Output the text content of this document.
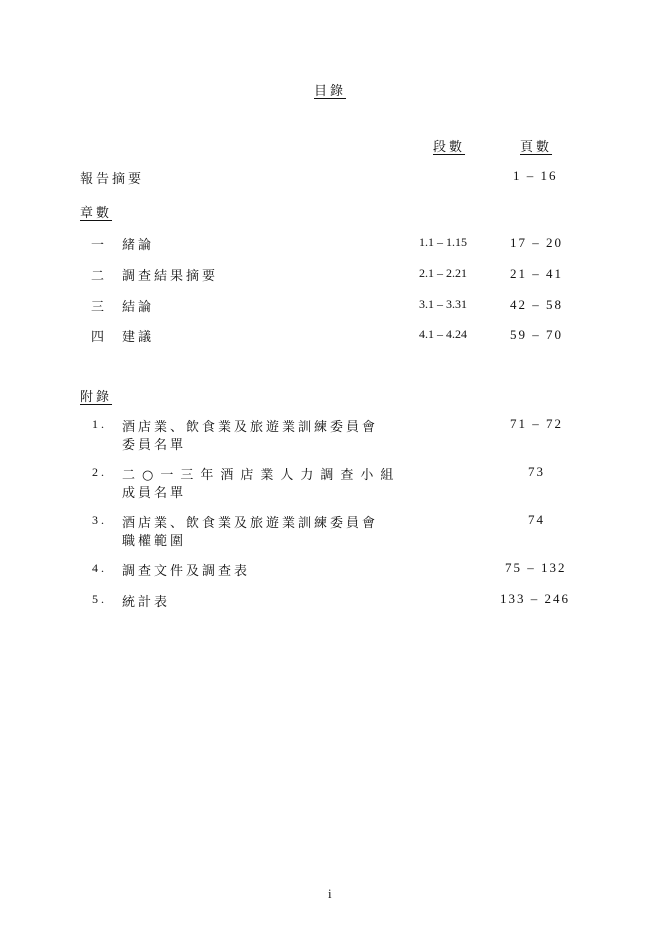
目錄
段數	頁數
報告摘要	1 – 16
章數
一 緒論	1.1 – 1.15	17 – 20
二 調查結果摘要	2.1 – 2.21	21 – 41
三 結論	3.1 – 3.31	42 – 58
四 建議	4.1 – 4.24	59 – 70
附錄
1. 酒店業、飲食業及旅遊業訓練委員會
委員名單
71 – 72
2. 二○一三年酒店業人力調查小組
成員名單
73
3. 酒店業、飲食業及旅遊業訓練委員會
職權範圍
74
4. 調查文件及調查表	75 – 132
5. 統計表	133 – 246
i
